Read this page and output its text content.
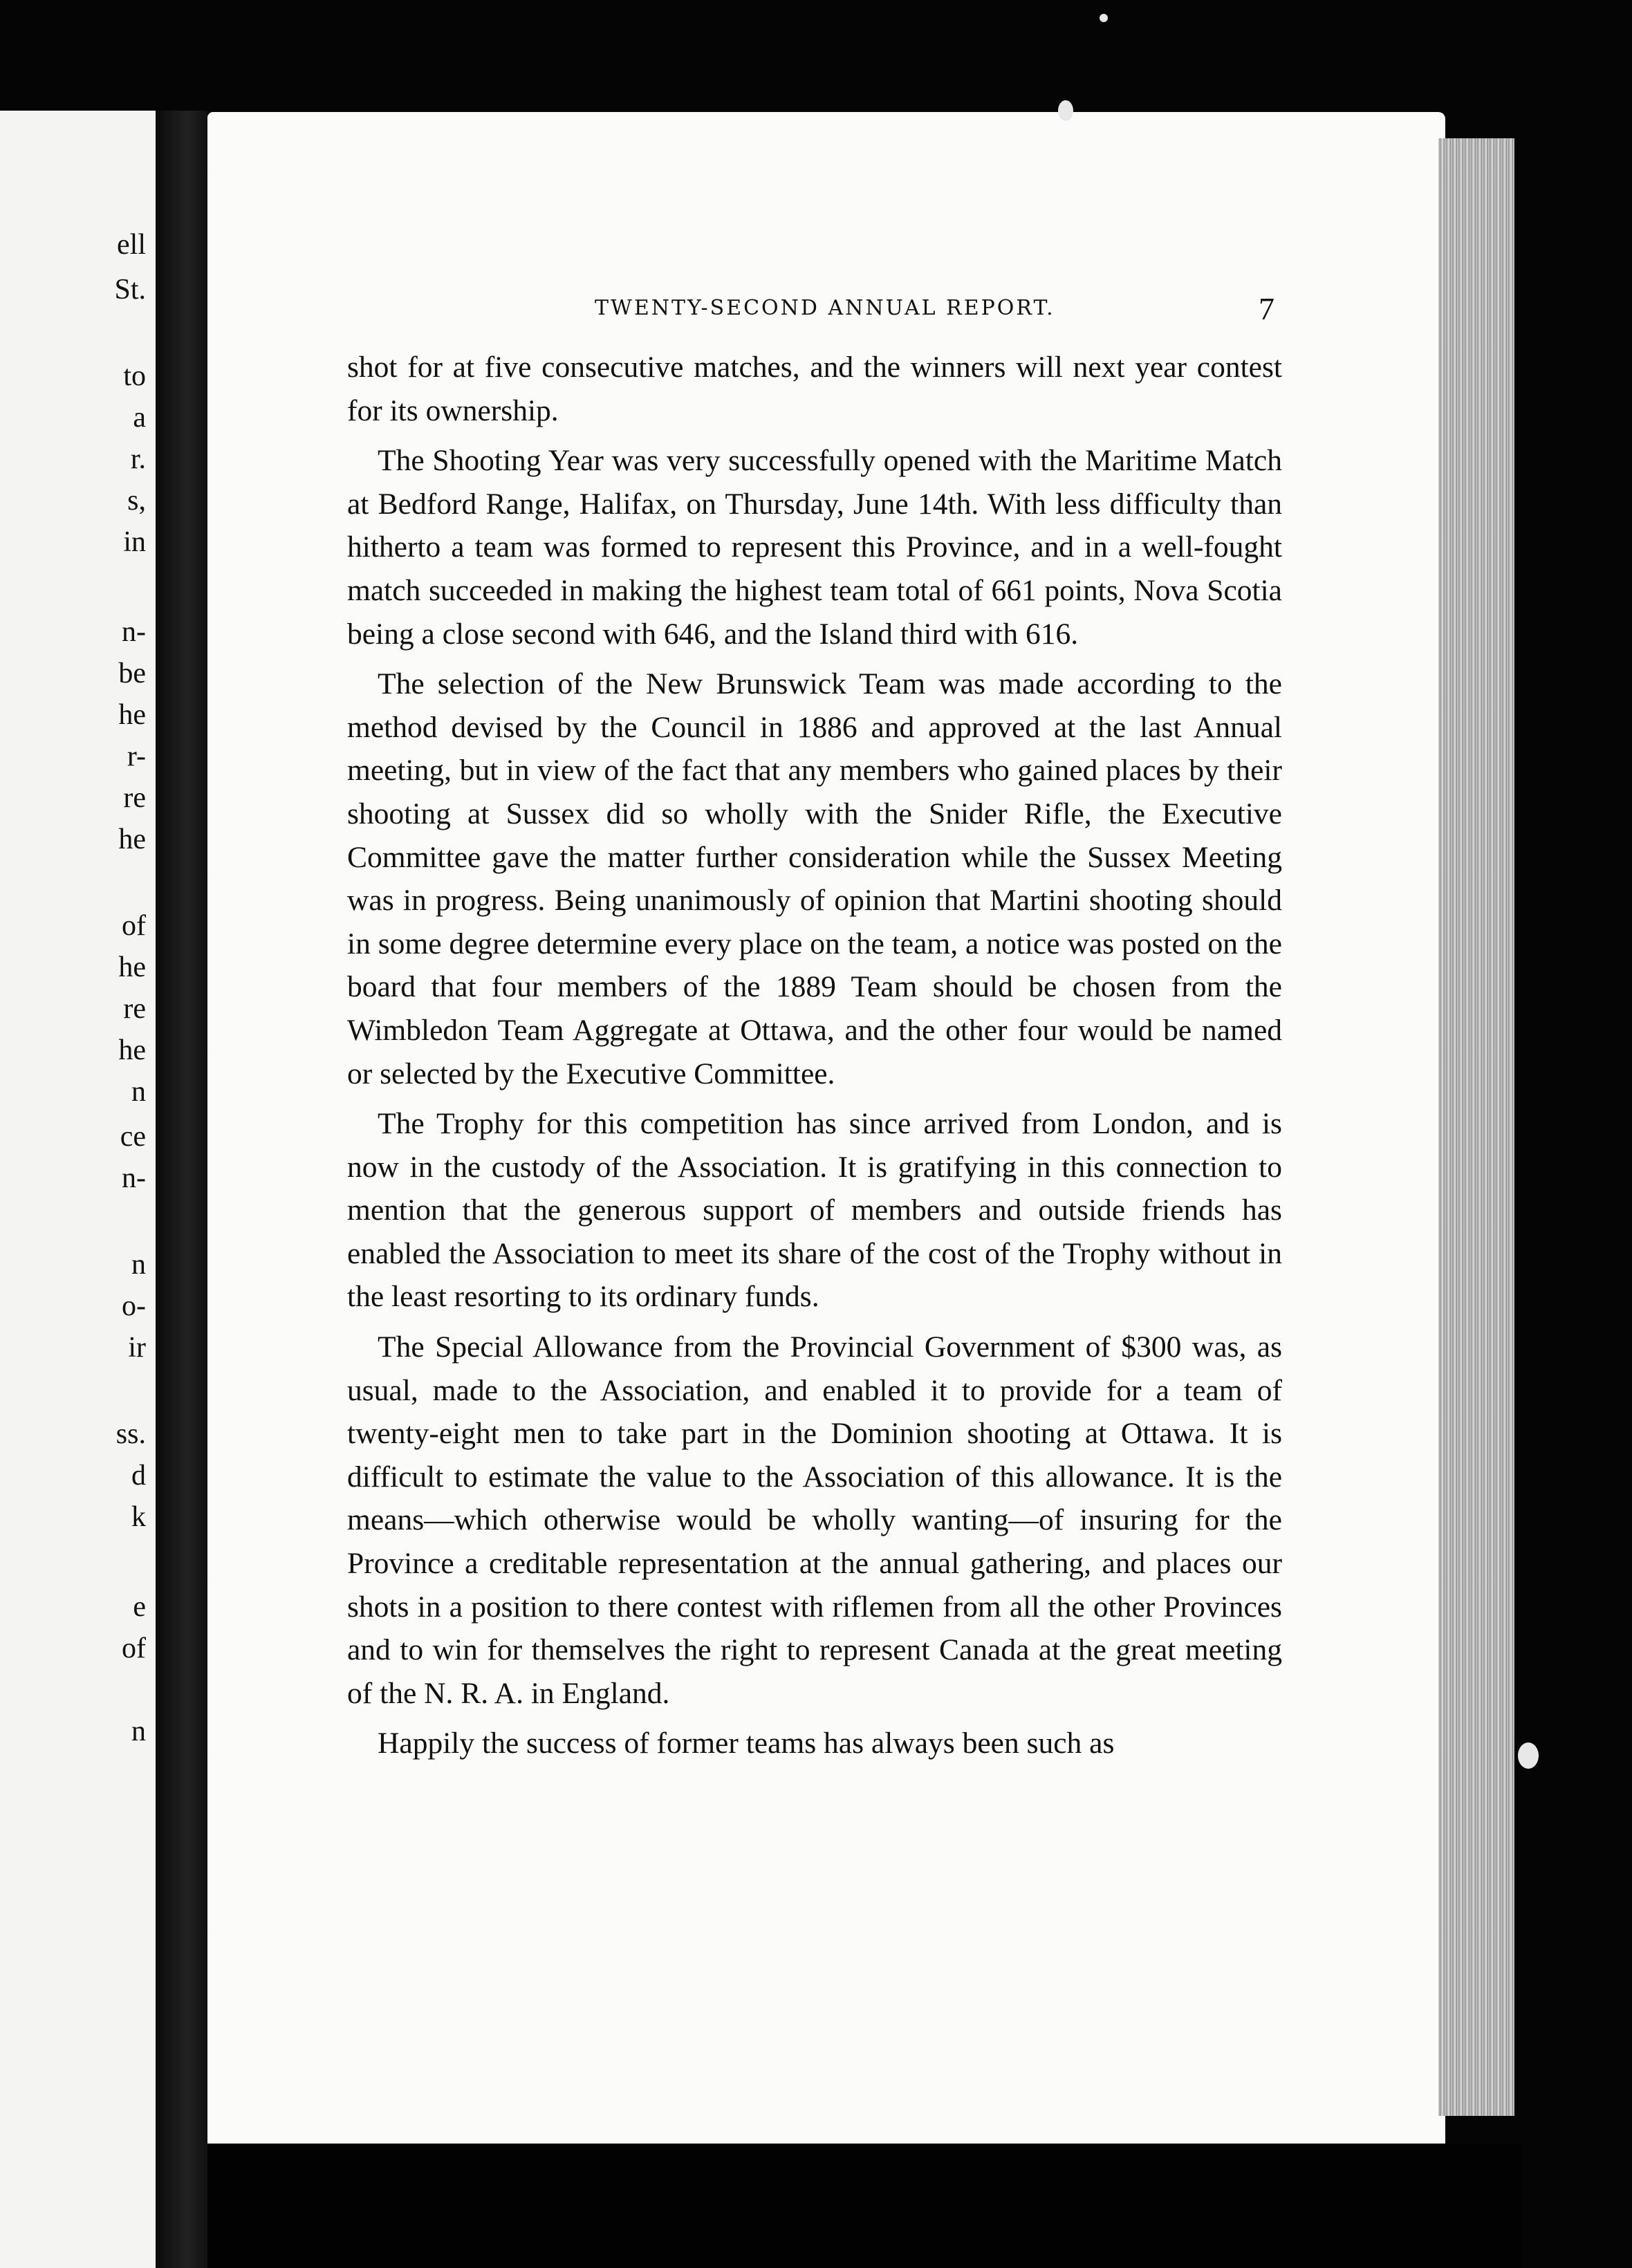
ell
St.
to
a
r.
s,
in
n-
be
he
r-
re
he
of
he
re
he
n
ce
n-
n
o-
ir
ss.
d
k
e
of
n
TWENTY-SECOND ANNUAL REPORT.	7

shot for at five consecutive matches, and the winners will next year contest for its ownership.

The Shooting Year was very successfully opened with the Maritime Match at Bedford Range, Halifax, on Thursday, June 14th. With less difficulty than hitherto a team was formed to represent this Province, and in a well-fought match succeeded in making the highest team total of 661 points, Nova Scotia being a close second with 646, and the Island third with 616.

The selection of the New Brunswick Team was made according to the method devised by the Council in 1886 and approved at the last Annual meeting, but in view of the fact that any members who gained places by their shooting at Sussex did so wholly with the Snider Rifle, the Executive Committee gave the matter further consideration while the Sussex Meeting was in progress. Being unanimously of opinion that Martini shooting should in some degree determine every place on the team, a notice was posted on the board that four members of the 1889 Team should be chosen from the Wimbledon Team Aggregate at Ottawa, and the other four would be named or selected by the Executive Committee.

The Trophy for this competition has since arrived from London, and is now in the custody of the Association. It is gratifying in this connection to mention that the generous support of members and outside friends has enabled the Association to meet its share of the cost of the Trophy without in the least resorting to its ordinary funds.

The Special Allowance from the Provincial Government of $300 was, as usual, made to the Association, and enabled it to provide for a team of twenty-eight men to take part in the Dominion shooting at Ottawa. It is difficult to estimate the value to the Association of this allowance. It is the means—which otherwise would be wholly wanting—of insuring for the Province a creditable representation at the annual gathering, and places our shots in a position to there contest with riflemen from all the other Provinces and to win for themselves the right to represent Canada at the great meeting of the N. R. A. in England.

Happily the success of former teams has always been such as
